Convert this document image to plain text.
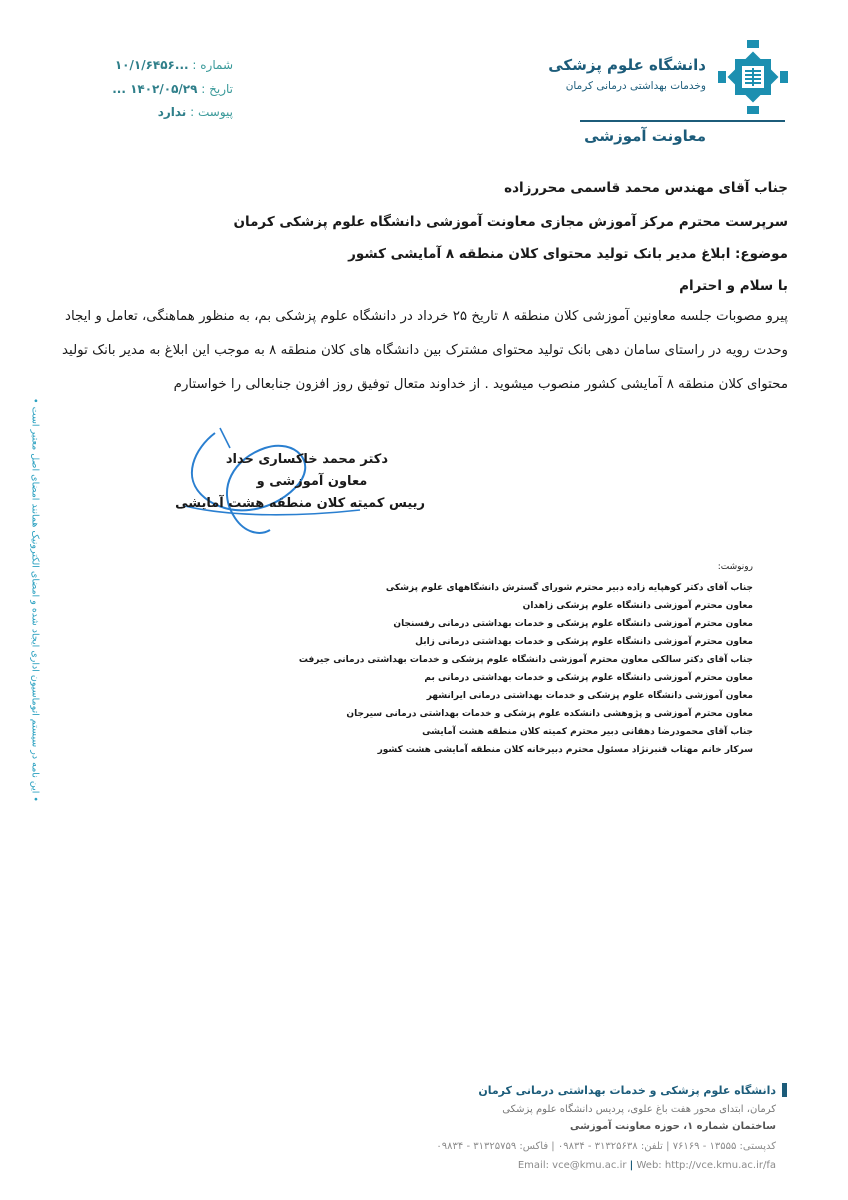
دانشگاه علوم پزشکی
وخدمات بهداشتی درمانی کرمان
معاونت آموزشی
شماره : ...۱۰/۱/۶۴۵۶
تاریخ : ۱۴۰۲/۰۵/۲۹ ...
پیوست : ندارد
جناب آقای مهندس محمد قاسمی محررزاده
سرپرست محترم مرکز آموزش مجازی معاونت آموزشی دانشگاه علوم پزشکی کرمان
موضوع: ابلاغ مدیر بانک تولید محتوای کلان منطقه ۸ آمایشی کشور
با سلام و احترام
پیرو مصوبات جلسه معاونین آموزشی کلان منطقه ۸ تاریخ ۲۵ خرداد در دانشگاه علوم پزشکی بم، به منظور هماهنگی، تعامل و ایجاد
وحدت رویه در راستای سامان دهی بانک تولید محتوای مشترک بین دانشگاه های کلان منطقه ۸ به موجب این ابلاغ به مدیر بانک تولید
محتوای کلان منطقه ۸ آمایشی کشور منصوب میشوید . از خداوند متعال توفیق روز افزون جنابعالی را خواستارم
دکتر محمد خاکساری حداد
معاون آموزشی و
رییس کمیته کلان منطقه هشت آمایشی
• این نامه در سیستم اتوماسیون اداری ایجاد شده و امضای الکترونیک همانند امضای اصل معتبر است •	رونوشت:
جناب آقای دکتر کوهپایه زاده دبیر محترم شورای گسترش دانشگاههای علوم پزشکی
معاون محترم آموزشی دانشگاه علوم پزشکی زاهدان
معاون محترم آموزشی دانشگاه علوم پزشکی و خدمات بهداشتی درمانی رفسنجان
معاون محترم آموزشی دانشگاه علوم پزشکی و خدمات بهداشتی درمانی زابل
جناب آقای دکتر سالکی معاون محترم آموزشی دانشگاه علوم پزشکی و خدمات بهداشتی درمانی جیرفت
معاون محترم آموزشی دانشگاه علوم پزشکی و خدمات بهداشتی درمانی بم
معاون آموزشی دانشگاه علوم پزشکی و خدمات بهداشتی درمانی ایرانشهر
معاون محترم آموزشی و پژوهشی دانشکده علوم پزشکی و خدمات بهداشتی درمانی سیرجان
جناب آقای محمودرضا دهقانی دبیر محترم کمیته کلان منطقه هشت آمایشی
سرکار خانم مهتاب قنبرنژاد مسئول محترم دبیرخانه کلان منطقه آمایشی هشت کشور
دانشگاه علوم پزشکی و خدمات بهداشتی درمانی کرمان
کرمان، ابتدای محور هفت باغ علوی، پردیس دانشگاه علوم پزشکی
ساختمان شماره ۱، حوزه معاونت آموزشی
کدپستی: ۱۳۵۵۵ - ۷۶۱۶۹ | تلفن: ۳۱۳۲۵۶۳۸ - ۰۹۸۳۴ | فاکس: ۳۱۳۲۵۷۵۹ - ۰۹۸۳۴
Email: vce@kmu.ac.ir | Web: http://vce.kmu.ac.ir/fa
